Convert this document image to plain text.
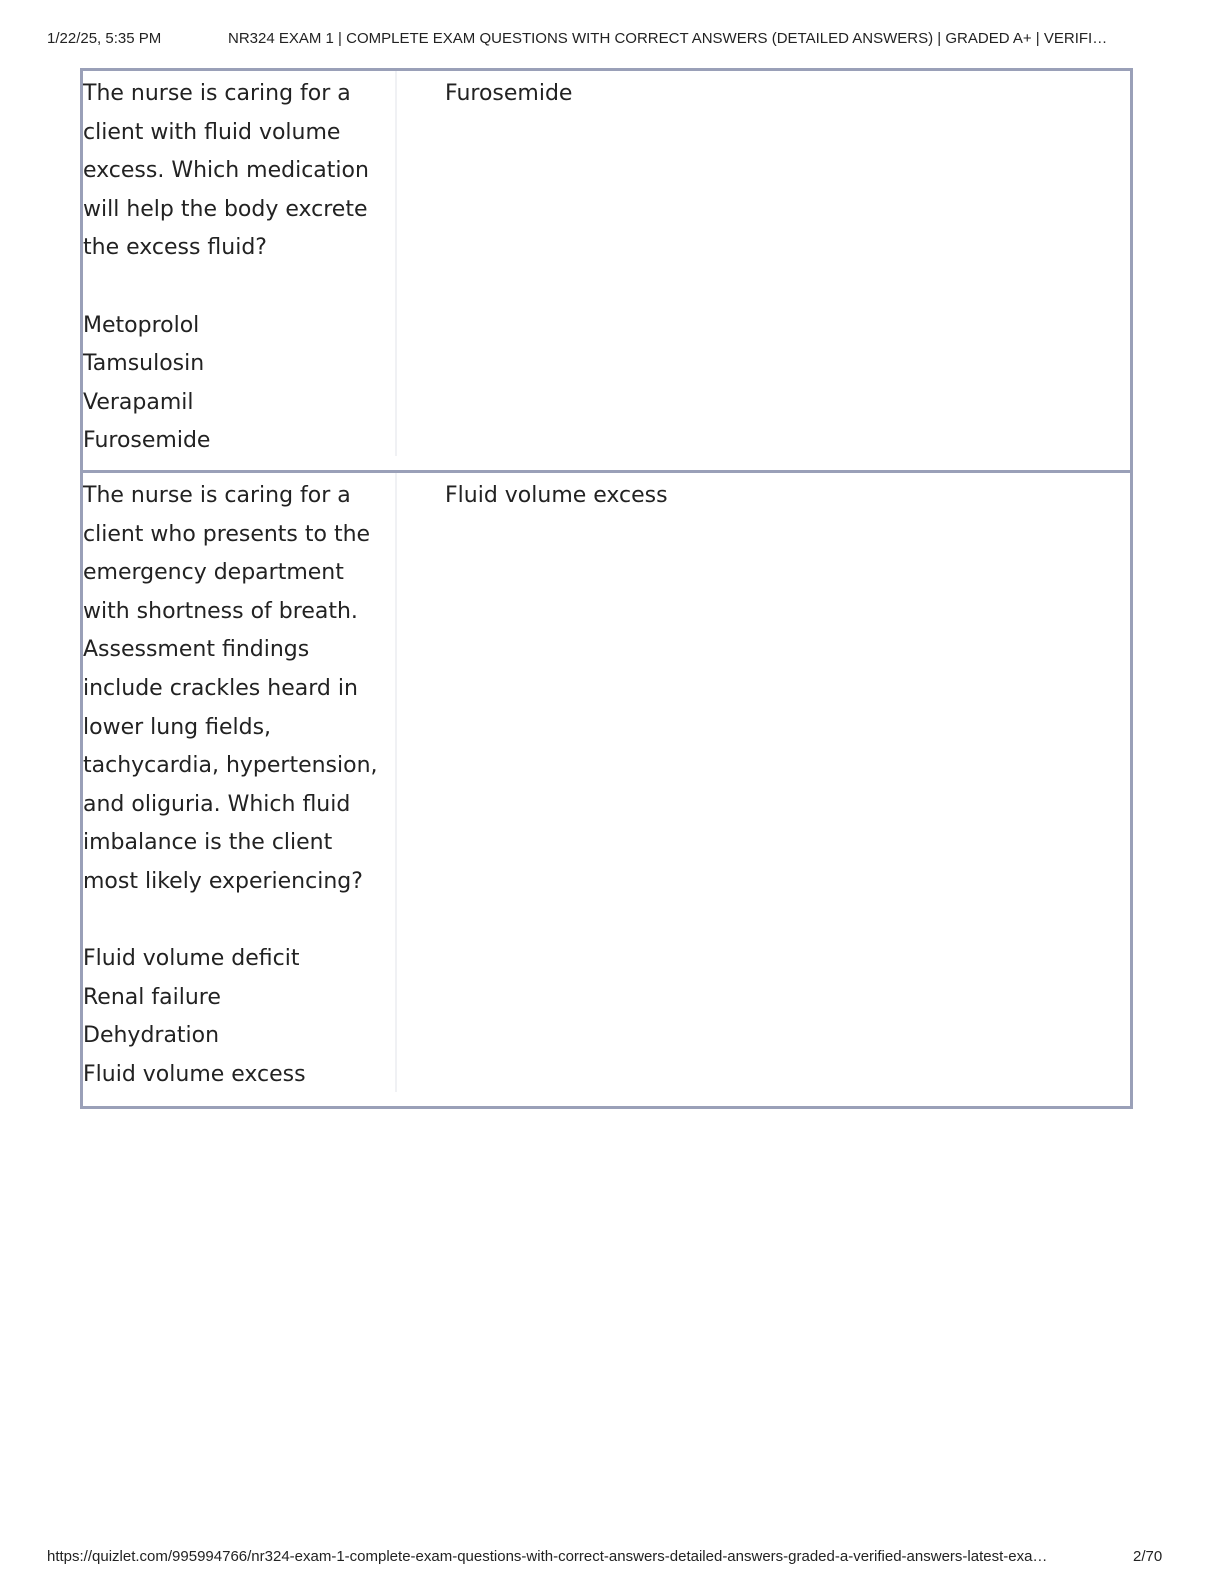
1/22/25, 5:35 PM	NR324 EXAM 1 | COMPLETE EXAM QUESTIONS WITH CORRECT ANSWERS (DETAILED ANSWERS) | GRADED A+ | VERIFI…
The nurse is caring for a
client with fluid volume
excess. Which medication
will help the body excrete
the excess fluid?

Metoprolol
Tamsulosin
Verapamil
Furosemide
Furosemide
The nurse is caring for a
client who presents to the
emergency department
with shortness of breath.
Assessment findings
include crackles heard in
lower lung fields,
tachycardia, hypertension,
and oliguria. Which fluid
imbalance is the client
most likely experiencing?

Fluid volume deficit
Renal failure
Dehydration
Fluid volume excess
Fluid volume excess
https://quizlet.com/995994766/nr324-exam-1-complete-exam-questions-with-correct-answers-detailed-answers-graded-a-verified-answers-latest-exa…	2/70
